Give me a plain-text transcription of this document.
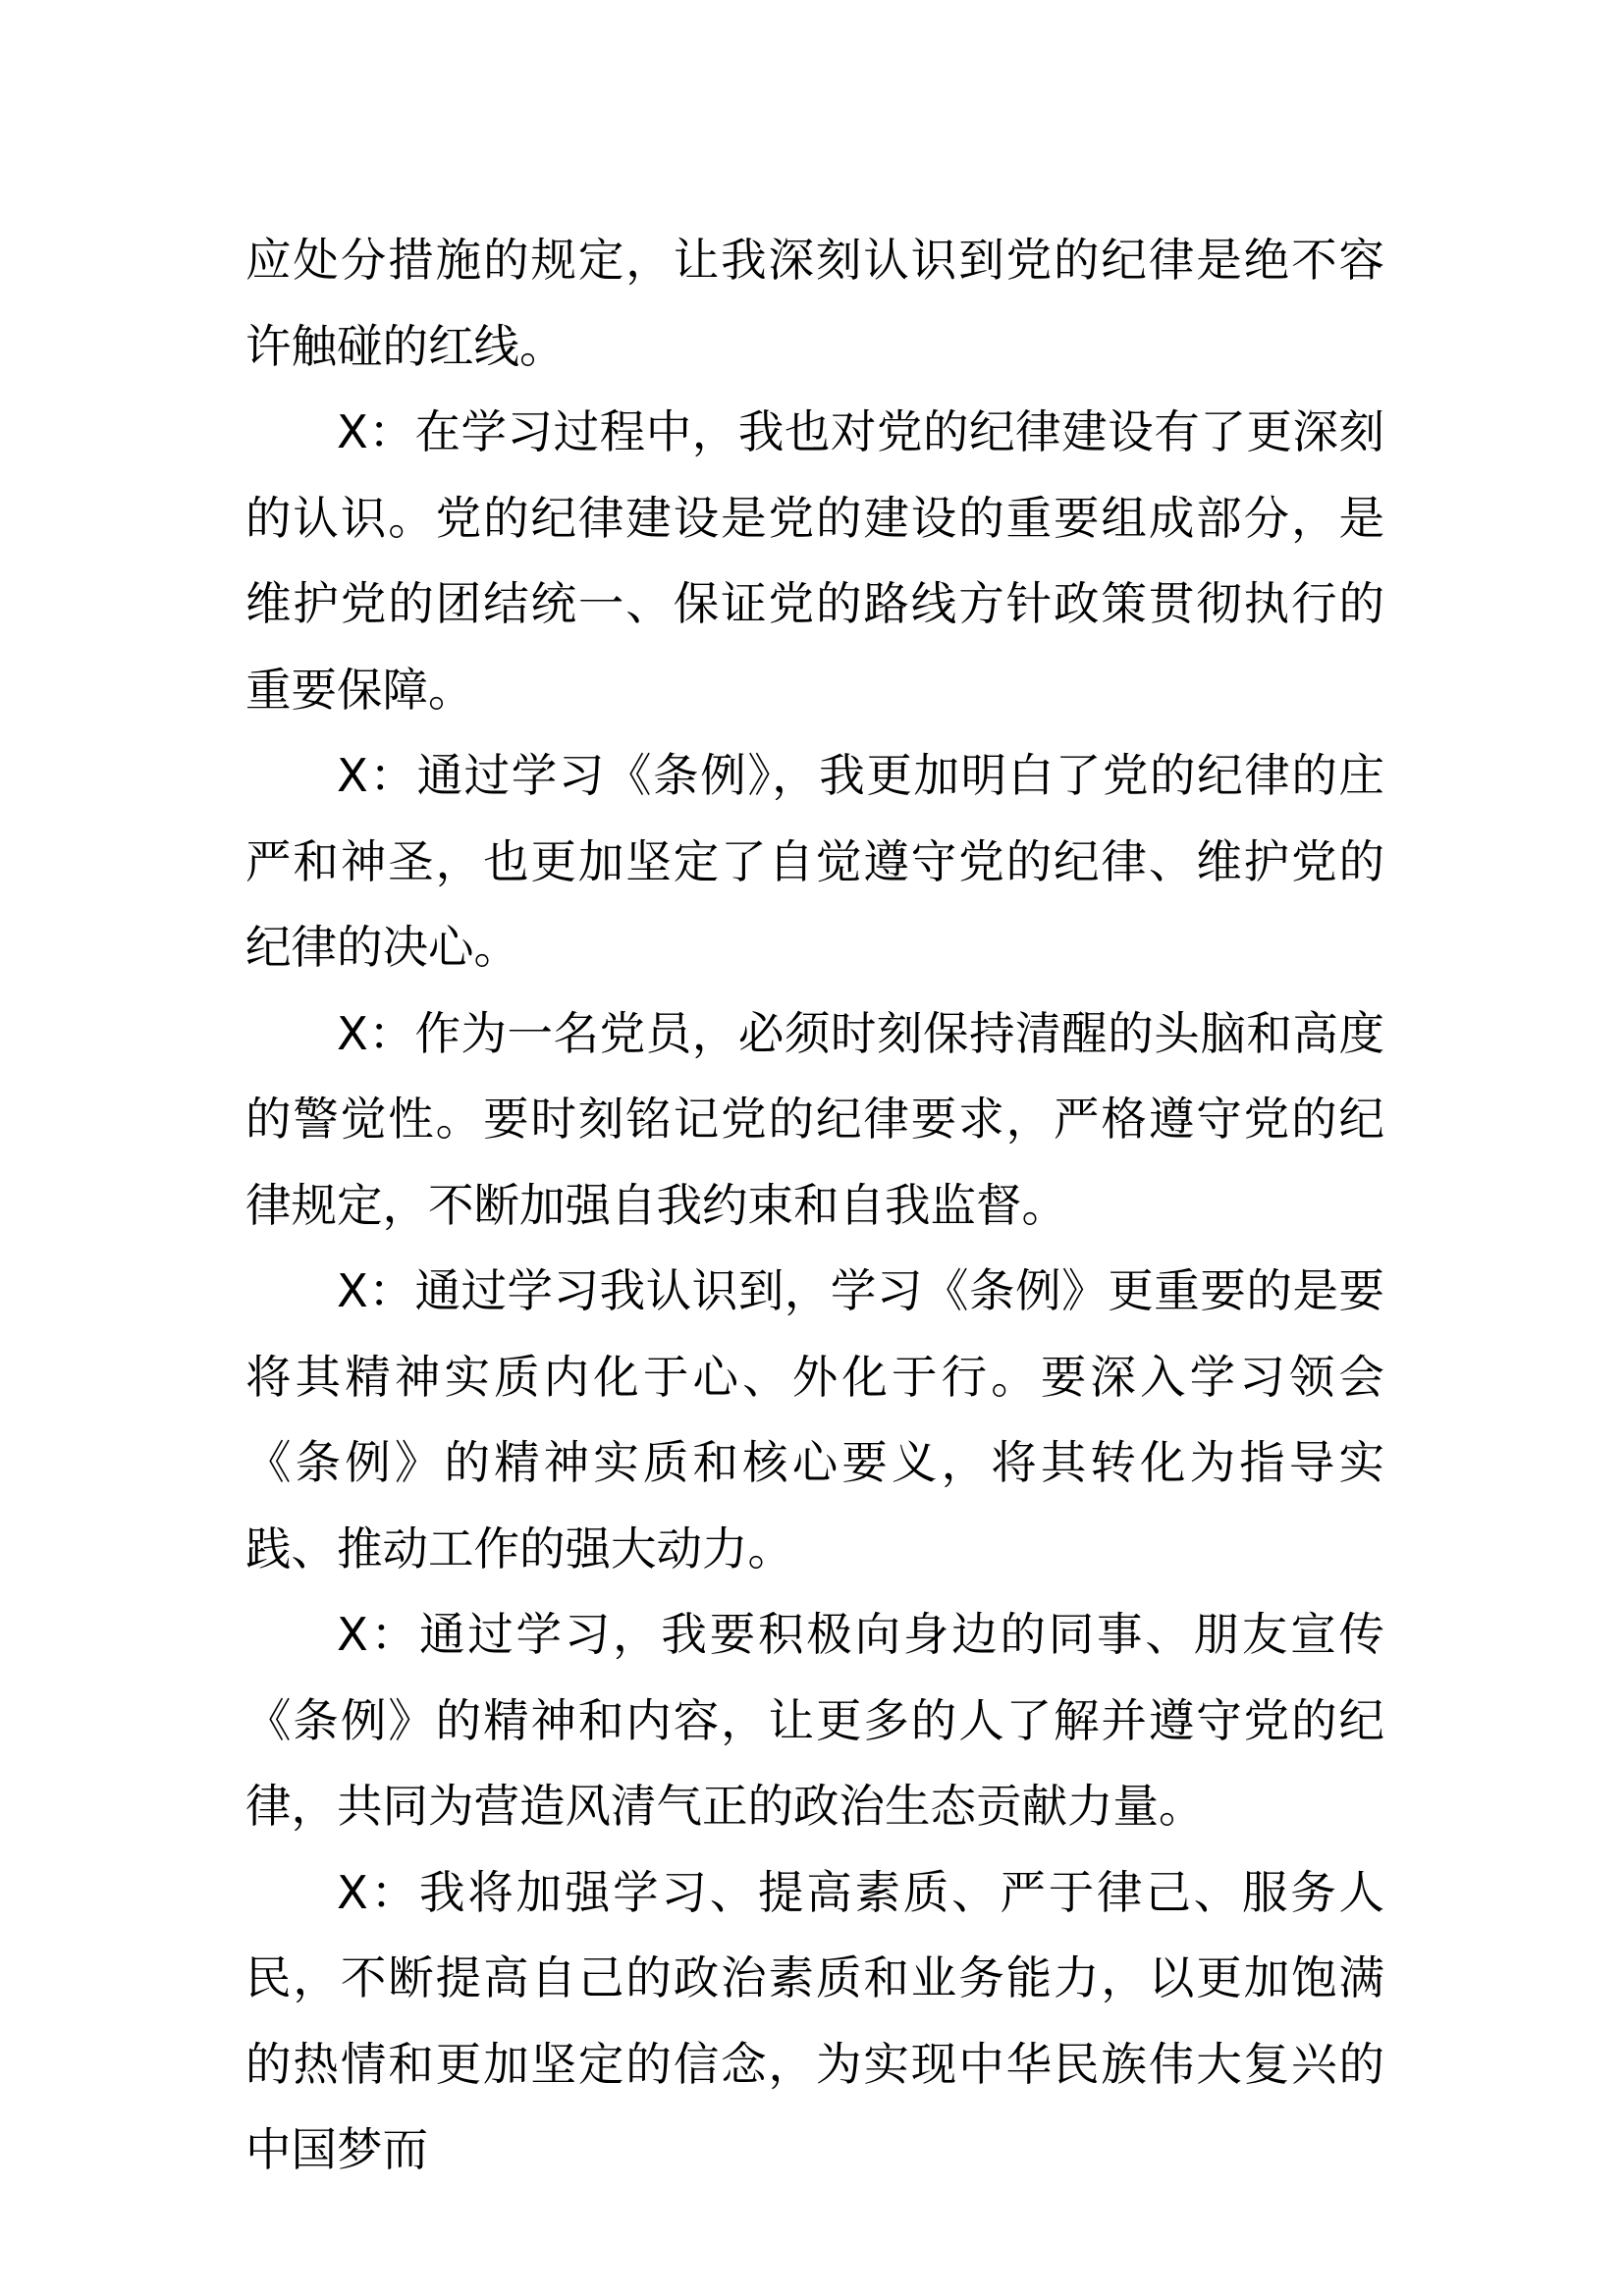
应处分措施的规定，让我深刻认识到党的纪律是绝不容许触碰的红线。

X：在学习过程中，我也对党的纪律建设有了更深刻的认识。党的纪律建设是党的建设的重要组成部分，是维护党的团结统一、保证党的路线方针政策贯彻执行的重要保障。

X：通过学习《条例》，我更加明白了党的纪律的庄严和神圣，也更加坚定了自觉遵守党的纪律、维护党的纪律的决心。

X：作为一名党员，必须时刻保持清醒的头脑和高度的警觉性。要时刻铭记党的纪律要求，严格遵守党的纪律规定，不断加强自我约束和自我监督。

X：通过学习我认识到，学习《条例》更重要的是要将其精神实质内化于心、外化于行。要深入学习领会《条例》的精神实质和核心要义，将其转化为指导实践、推动工作的强大动力。

X：通过学习，我要积极向身边的同事、朋友宣传《条例》的精神和内容，让更多的人了解并遵守党的纪律，共同为营造风清气正的政治生态贡献力量。

X：我将加强学习、提高素质、严于律己、服务人民，不断提高自己的政治素质和业务能力，以更加饱满的热情和更加坚定的信念，为实现中华民族伟大复兴的中国梦而
